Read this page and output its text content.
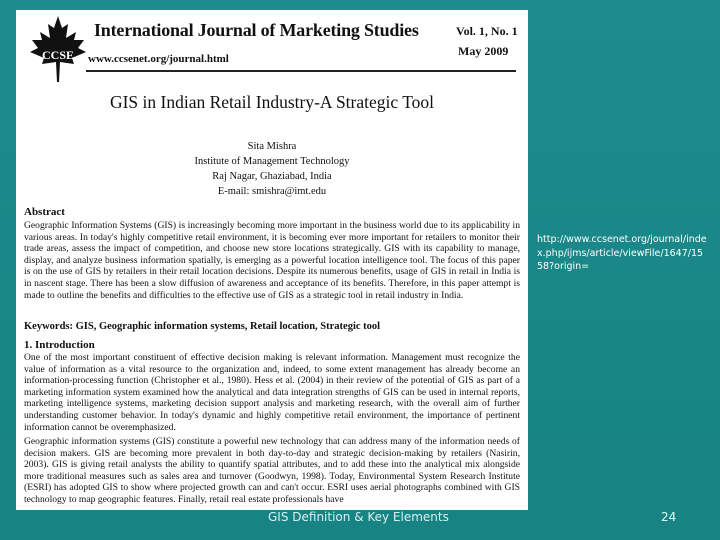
CCSE
International Journal of Marketing Studies
www.ccsenet.org/journal.html
Vol. 1, No. 1
May 2009
GIS in Indian Retail Industry-A Strategic Tool
Sita Mishra
Institute of Management Technology
Raj Nagar, Ghaziabad, India
E-mail: smishra@imt.edu
Abstract
Geographic Information Systems (GIS) is increasingly becoming more important in the business world due to its applicability in various areas. In today's highly competitive retail environment, it is becoming ever more important for retailers to monitor their trade areas, assess the impact of competition, and choose new store locations strategically. GIS with its capability to manage, display, and analyze business information spatially, is emerging as a powerful location intelligence tool. The focus of this paper is on the use of GIS by retailers in their retail location decisions. Despite its numerous benefits, usage of GIS in retail in India is in nascent stage. There has been a slow diffusion of awareness and acceptance of its benefits. Therefore, in this paper attempt is made to outline the benefits and difficulties to the effective use of GIS as a strategic tool in retail industry in India.
Keywords: GIS, Geographic information systems, Retail location, Strategic tool
1. Introduction
One of the most important constituent of effective decision making is relevant information. Management must recognize the value of information as a vital resource to the organization and, indeed, to some extent management has already become an information-processing function (Christopher et al., 1980). Hess et al. (2004) in their review of the potential of GIS as part of a marketing information system examined how the analytical and data integration strengths of GIS can be used in internal reports, marketing intelligence systems, marketing decision support analysis and marketing research, with the overall aim of further understanding customer behavior. In today's dynamic and highly competitive retail environment, the importance of pertinent information cannot be overemphasized.
Geographic information systems (GIS) constitute a powerful new technology that can address many of the information needs of decision makers. GIS are becoming more prevalent in both day-to-day and strategic decision-making by retailers (Nasirin, 2003). GIS is giving retail analysts the ability to quantify spatial attributes, and to add these into the analytical mix alongside more traditional measures such as sales area and turnover (Goodwyn, 1998). Today, Environmental System Research Institute (ESRI) has adopted GIS to show where projected growth can and can't occur. ESRI uses aerial photographs combined with GIS technology to map geographic features. Finally, retail real estate professionals have
http://www.ccsenet.org/journal/index.php/ijms/article/viewFile/1647/1558?origin=
GIS Definition & Key Elements	24
